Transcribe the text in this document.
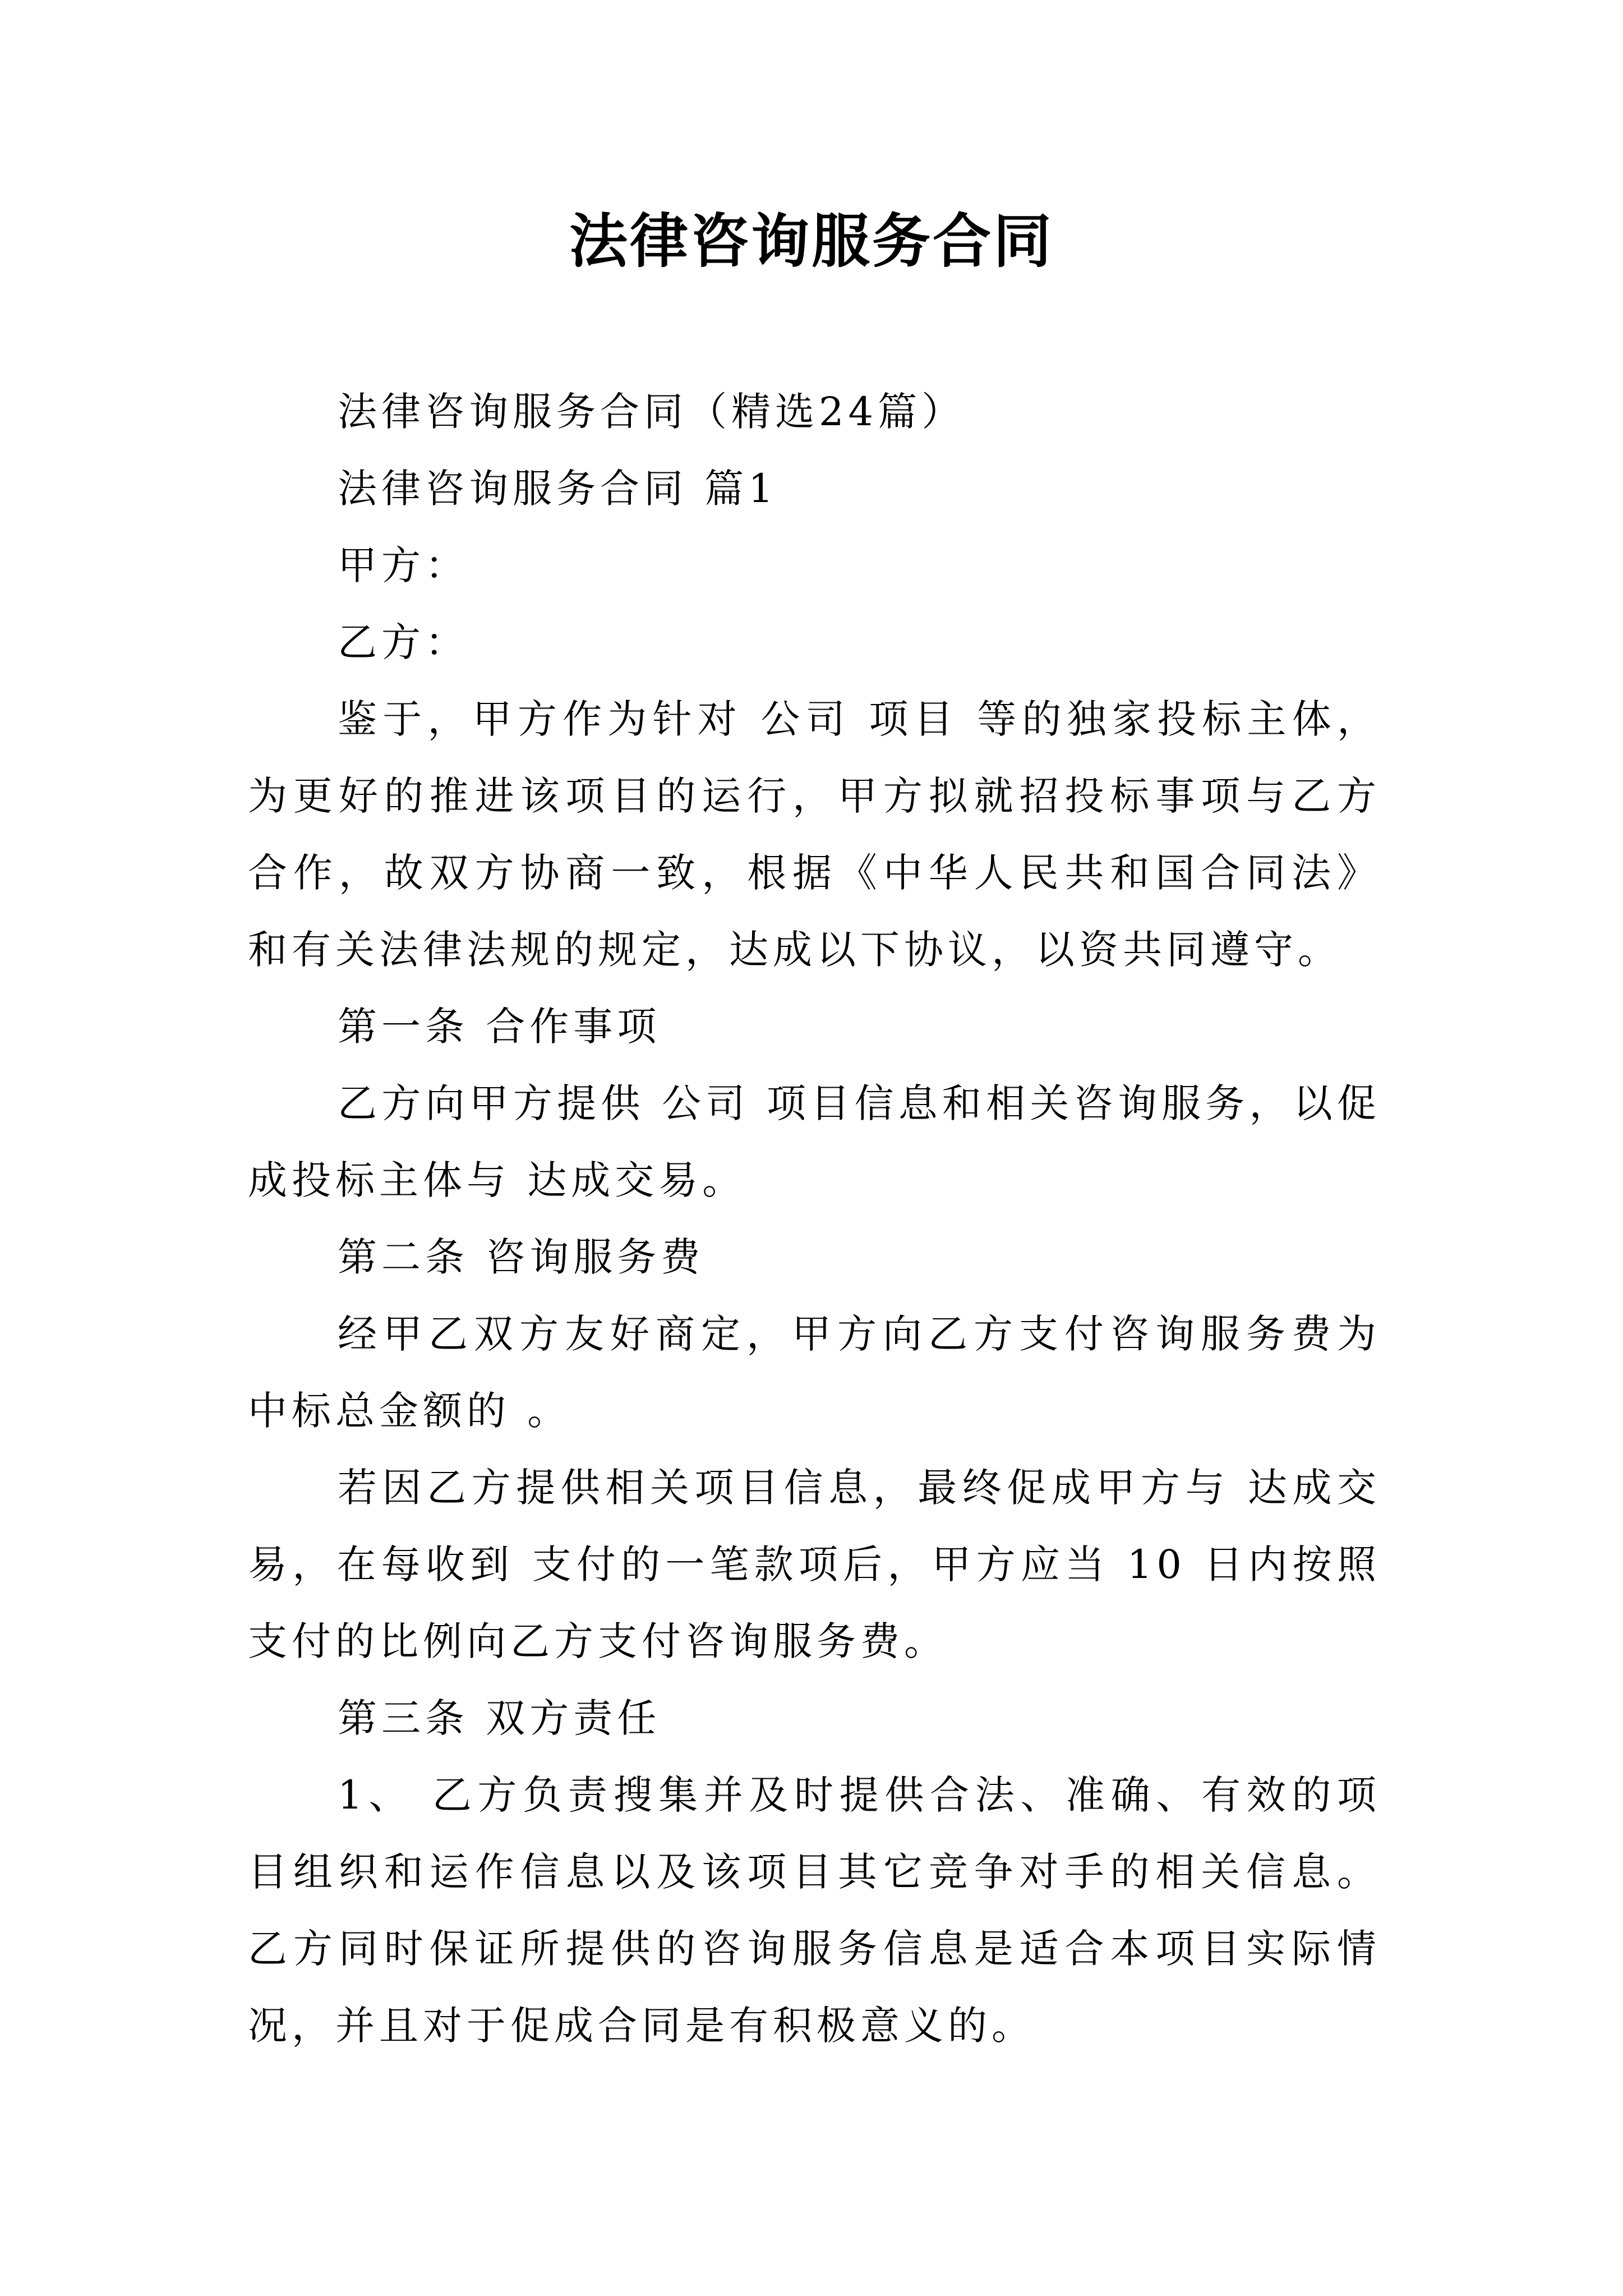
法律咨询服务合同

法律咨询服务合同（精选24篇）

法律咨询服务合同 篇1

甲方：

乙方：

鉴于，甲方作为针对 公司 项目 等的独家投标主体，为更好的推进该项目的运行，甲方拟就招投标事项与乙方合作，故双方协商一致，根据《中华人民共和国合同法》和有关法律法规的规定，达成以下协议，以资共同遵守。

第一条 合作事项

乙方向甲方提供 公司 项目信息和相关咨询服务，以促成投标主体与 达成交易。

第二条 咨询服务费

经甲乙双方友好商定，甲方向乙方支付咨询服务费为中标总金额的 。

若因乙方提供相关项目信息，最终促成甲方与 达成交易，在每收到 支付的一笔款项后，甲方应当 10 日内按照支付的比例向乙方支付咨询服务费。

第三条 双方责任

1、 乙方负责搜集并及时提供合法、准确、有效的项目组织和运作信息以及该项目其它竞争对手的相关信息。乙方同时保证所提供的咨询服务信息是适合本项目实际情况，并且对于促成合同是有积极意义的。
